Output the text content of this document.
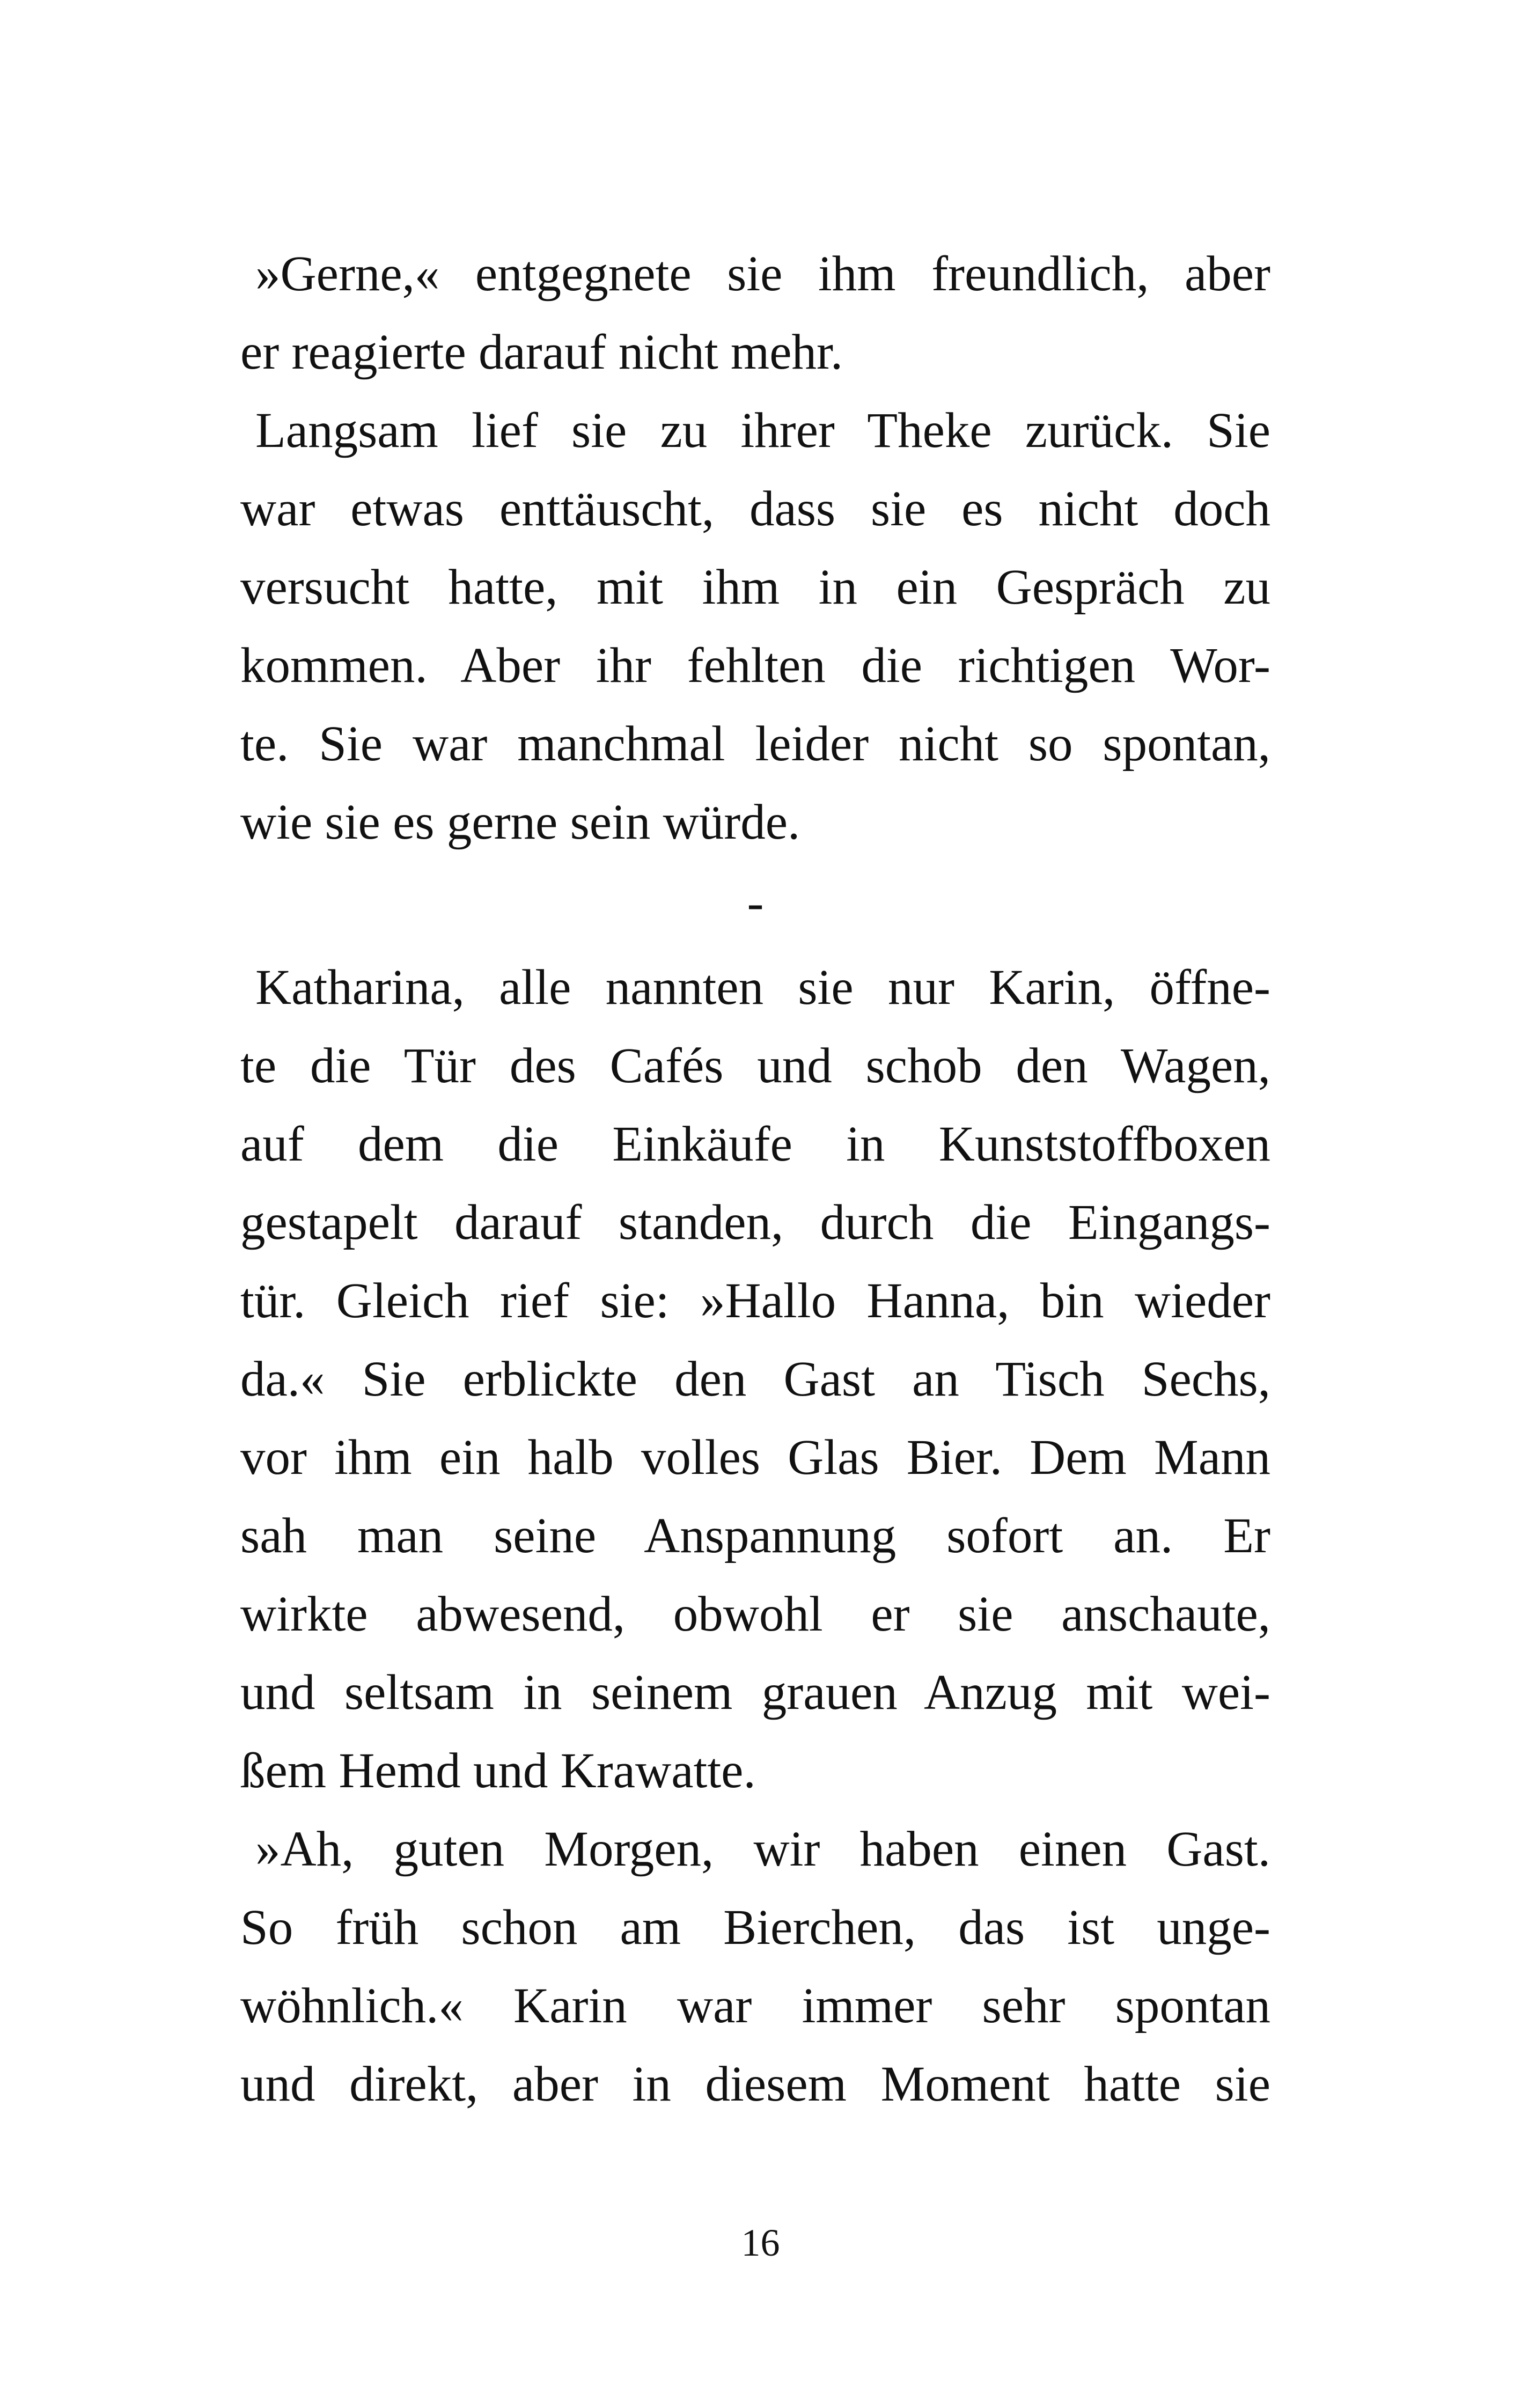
»Gerne,« entgegnete sie ihm freundlich, aber
er reagierte darauf nicht mehr.

Langsam lief sie zu ihrer Theke zurück. Sie
war etwas enttäuscht, dass sie es nicht doch
versucht hatte, mit ihm in ein Gespräch zu
kommen. Aber ihr fehlten die richtigen Wor-
te. Sie war manchmal leider nicht so spontan,
wie sie es gerne sein würde.

-

Katharina, alle nannten sie nur Karin, öffne-
te die Tür des Cafés und schob den Wagen,
auf dem die Einkäufe in Kunststoffboxen
gestapelt darauf standen, durch die Eingangs-
tür. Gleich rief sie: »Hallo Hanna, bin wieder
da.« Sie erblickte den Gast an Tisch Sechs,
vor ihm ein halb volles Glas Bier. Dem Mann
sah man seine Anspannung sofort an. Er
wirkte abwesend, obwohl er sie anschaute,
und seltsam in seinem grauen Anzug mit wei-
ßem Hemd und Krawatte.

»Ah, guten Morgen, wir haben einen Gast.
So früh schon am Bierchen, das ist unge-
wöhnlich.« Karin war immer sehr spontan
und direkt, aber in diesem Moment hatte sie

16
